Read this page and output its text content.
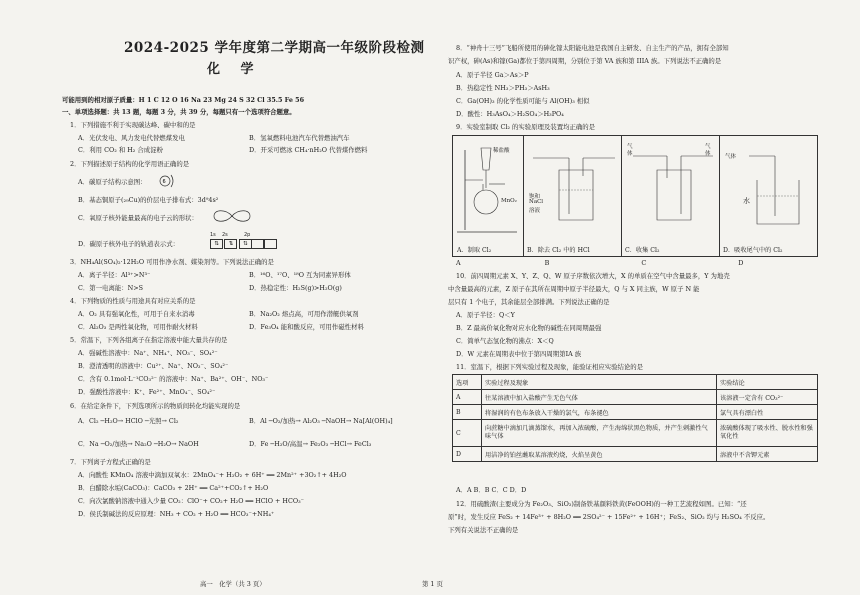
2024-2025 学年度第二学期高一年级阶段检测
化 学
可能用到的相对原子质量：H 1 C 12 O 16 Na 23 Mg 24 S 32 Cl 35.5 Fe 56
一、单项选择题：共 13 题，每题 3 分，共 39 分，每题只有一个选项符合题意。
1．下列措施不利于实现碳达峰、碳中和的是
A．光伏发电、风力发电代替燃煤发电	B．氢氧燃料电池汽车代替燃油汽车
C．利用 CO₂ 和 H₂ 合成淀粉	D．开采可燃冰 CH₄·nH₂O 代替煤作燃料
2．下列描述原子结构的化学用语正确的是
A．碳原子结构示意图：	6
B．基态铜原子(₂₉Cu)的价层电子排布式：3d⁹4s²
C．氧原子核外能量最高的电子云的形状：
D．碳原子核外电子的轨道表示式：
1s 2s	2p
⇅ ⇅ ⇅
3．NH₄Al(SO₄)₂·12H₂O 可用作净水剂、媒染剂等。下列说法正确的是
A．离子半径：Al³⁺>N³⁻	B．¹⁶O、¹⁷O、¹⁸O 互为同素异形体
C．第一电离能：N>S	D．热稳定性：H₂S(g)>H₂O(g)
4．下列物质的性质与用途具有对应关系的是
A．O₂ 具有强氧化性，可用于自来水消毒	B．Na₂O₂ 熔点高，可用作潜艇供氧剂
C．Al₂O₃ 是两性氧化物，可用作耐火材料	D．Fe₃O₄ 能和酸反应，可用作磁性材料
5．常温下，下列各组离子在指定溶液中能大量共存的是
A．强碱性溶液中：Na⁺、NH₄⁺、NO₃⁻、SO₄²⁻
B．澄清透明的溶液中：Cu²⁺、Na⁺、NO₃⁻、SO₄²⁻
C．含有 0.1mol·L⁻¹CO₃²⁻ 的溶液中：Na⁺、Ba²⁺、OH⁻、NO₃⁻
D．强酸性溶液中：K⁺、Fe²⁺、MnO₄⁻、SO₄²⁻
6．在给定条件下，下列选项所示的物质间转化均能实现的是
A．Cl₂ ─H₂O→ HClO ─光照→ Cl₂	B．Al ─O₂/加热→ Al₂O₃ ─NaOH→ Na[Al(OH)₄]
C．Na ─O₂/加热→ Na₂O ─H₂O→ NaOH	D．Fe ─H₂O/高温→ Fe₂O₃ ─HCl→ FeCl₃
7．下列离子方程式正确的是
A．向酸性 KMnO₄ 溶液中滴加双氧水：2MnO₄⁻+ H₂O₂ + 6H⁺ ══ 2Mn²⁺ +3O₂↑+ 4H₂O
B．白醋除水垢(CaCO₃)：CaCO₃ + 2H⁺ ══ Ca²⁺+CO₂↑+ H₂O
C．向次氯酸钠溶液中通入少量 CO₂：ClO⁻+ CO₂+ H₂O ══ HClO + HCO₃⁻
D．侯氏制碱法的反应原理：NH₃ + CO₂ + H₂O ══ HCO₃⁻+NH₄⁺
8．“神舟十三号”飞船所使用的砷化镓太阳能电池是我国自主研发、自主生产的产品，拥有全部知
识产权，砷(As)和镓(Ga)都位于第四周期，分别位于第 VA 族和第 IIIA 族。下列说法不正确的是
A．原子半径 Ga＞As＞P
B．热稳定性 NH₃＞PH₃＞AsH₃
C．Ga(OH)₃ 的化学性质可能与 Al(OH)₃ 相似
D．酸性：H₃AsO₄＞H₂SO₄＞H₃PO₄
9．实验室制取 Cl₂ 的实验原理及装置均正确的是
稀盐酸
MnO₂
A．制取 Cl₂
饱和
NaCl
溶液
B．除去 Cl₂ 中的 HCl
气
体
气
体
C．收集 Cl₂
气体
水
D．吸收尾气中的 Cl₂
A	B	C	D
10．前四周期元素 X、Y、Z、Q、W 原子序数依次增大，X 的单质在空气中含量最多，Y 为地壳
中含量最高的元素，Z 原子在其所在周期中原子半径最大，Q 与 X 同主族，W 原子 N 能
层只有 1 个电子，其余能层全部排满。下列说法正确的是
A．原子半径：Q＜Y
B．Z 最高价氧化物对应水化物的碱性在同周期最强
C．简单气态氢化物的沸点：X＜Q
D．W 元素在周期表中位于第四周期第IA 族
11．室温下，根据下列实验过程及现象，能验证相应实验结论的是
选项	实验过程及现象	实验结论
A	往某溶液中加入盐酸产生无色气体	该溶液一定含有 CO₃²⁻
B	将湿润的有色布条放入干燥的氯气，布条褪色	氯气具有漂白性
C	向蔗糖中滴加几滴蒸馏水，再加入浓硫酸，产生海绵状黑色物质，并产生刺激性气味气体	浓硫酸体现了吸水性、脱水性和强氧化性
D	用洁净的铂丝蘸取某溶液灼烧，火焰呈黄色	溶液中不含钾元素
A．A B．B C．C D．D
12．用硫酸渣(主要成分为 Fe₂O₃、SiO₂)制备铁基颜料铁黄(FeOOH)的一种工艺流程如图。已知：“还
原”时，发生反应 FeS₂ + 14Fe³⁺ + 8H₂O ══ 2SO₄²⁻ + 15Fe²⁺ + 16H⁺；FeS₂、SiO₂ 均与 H₂SO₄ 不反应。
下列有关说法不正确的是
高一　化学（共 3 页）	第 1 页
